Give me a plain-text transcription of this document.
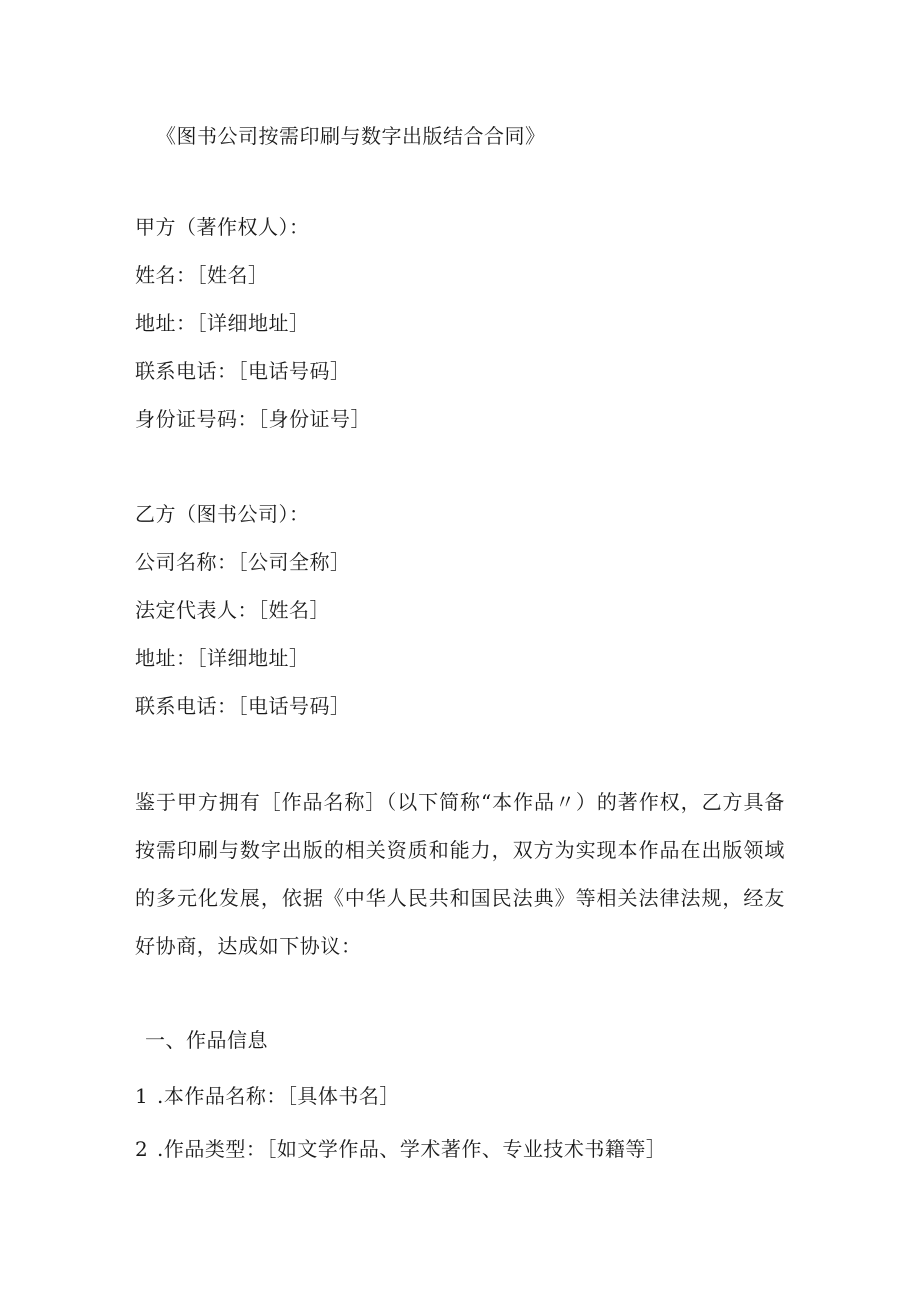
《图书公司按需印刷与数字出版结合合同》
甲方（著作权人）：
姓名：［姓名］
地址：［详细地址］
联系电话：［电话号码］
身份证号码：［身份证号］
乙方（图书公司）：
公司名称：［公司全称］
法定代表人：［姓名］
地址：［详细地址］
联系电话：［电话号码］
鉴于甲方拥有［作品名称］（以下简称“本作品〃）的著作权，乙方具备按需印刷与数字出版的相关资质和能力，双方为实现本作品在出版领域的多元化发展，依据《中华人民共和国民法典》等相关法律法规，经友好协商，达成如下协议：
一、作品信息
1 .本作品名称：［具体书名］
2 .作品类型：［如文学作品、学术著作、专业技术书籍等］
